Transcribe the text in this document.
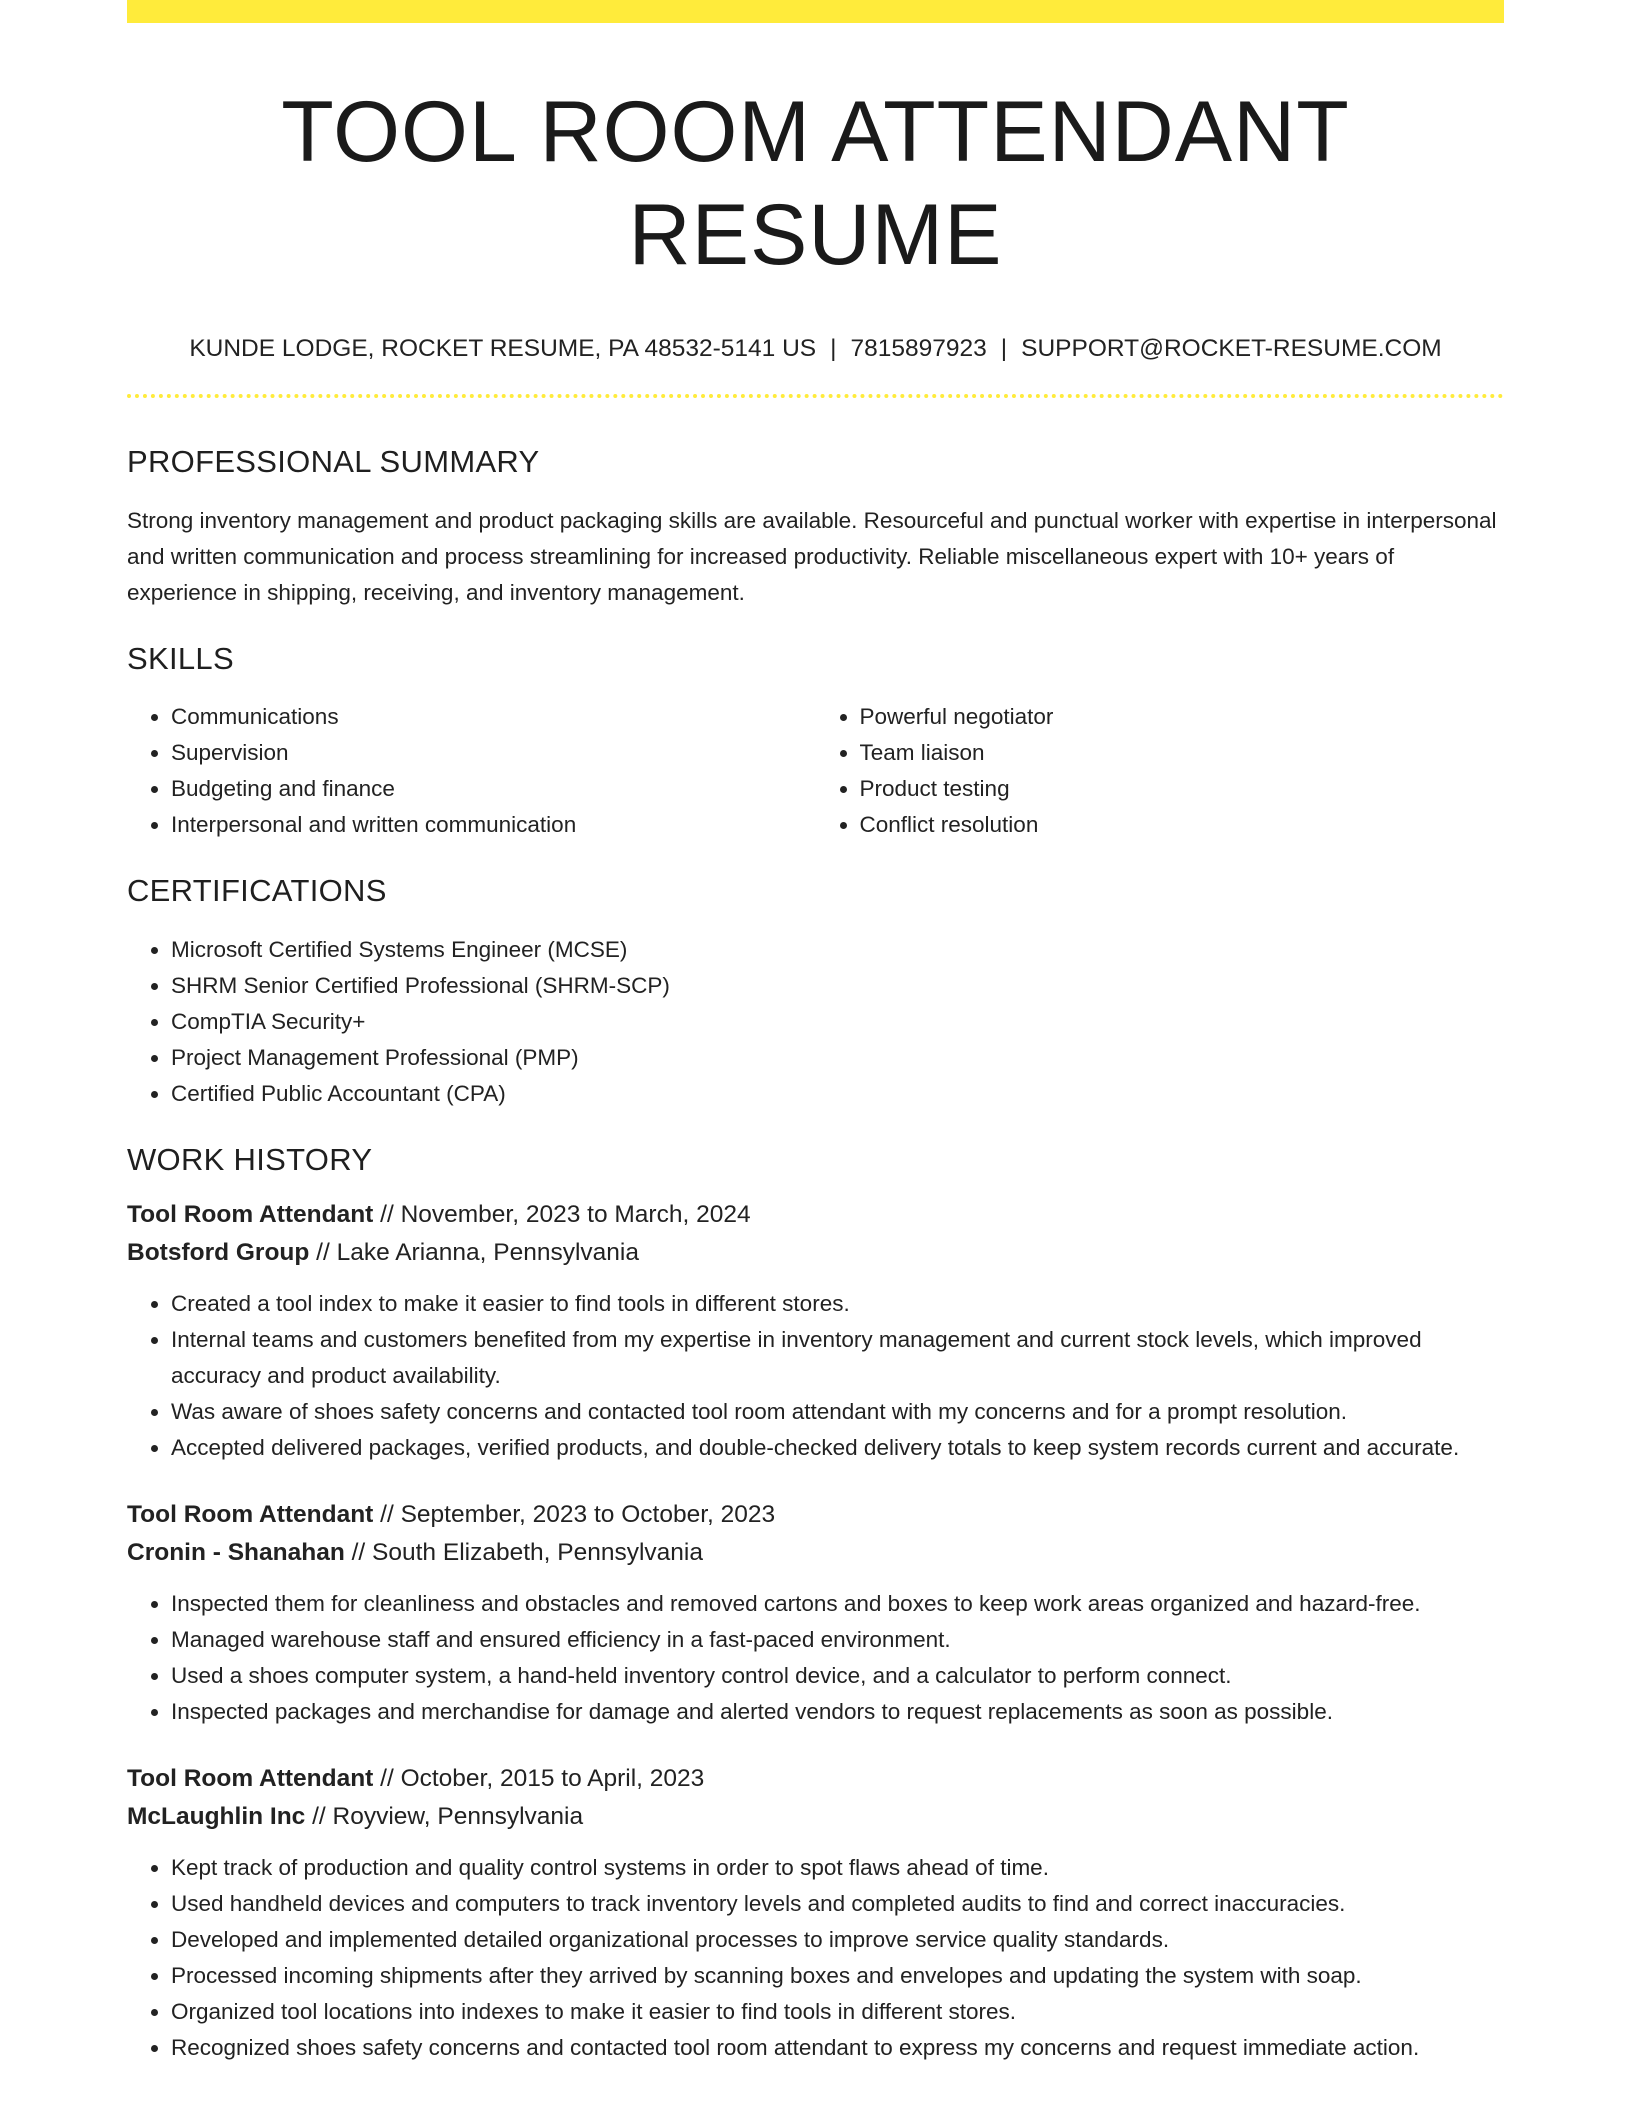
TOOL ROOM ATTENDANT RESUME
KUNDE LODGE, ROCKET RESUME, PA 48532-5141 US | 7815897923 | SUPPORT@ROCKET-RESUME.COM
PROFESSIONAL SUMMARY
Strong inventory management and product packaging skills are available. Resourceful and punctual worker with expertise in interpersonal and written communication and process streamlining for increased productivity. Reliable miscellaneous expert with 10+ years of experience in shipping, receiving, and inventory management.
SKILLS
• Communications
• Supervision
• Budgeting and finance
• Interpersonal and written communication
• Powerful negotiator
• Team liaison
• Product testing
• Conflict resolution
CERTIFICATIONS
• Microsoft Certified Systems Engineer (MCSE)
• SHRM Senior Certified Professional (SHRM-SCP)
• CompTIA Security+
• Project Management Professional (PMP)
• Certified Public Accountant (CPA)
WORK HISTORY
Tool Room Attendant // November, 2023 to March, 2024
Botsford Group // Lake Arianna, Pennsylvania
• Created a tool index to make it easier to find tools in different stores.
• Internal teams and customers benefited from my expertise in inventory management and current stock levels, which improved accuracy and product availability.
• Was aware of shoes safety concerns and contacted tool room attendant with my concerns and for a prompt resolution.
• Accepted delivered packages, verified products, and double-checked delivery totals to keep system records current and accurate.
Tool Room Attendant // September, 2023 to October, 2023
Cronin - Shanahan // South Elizabeth, Pennsylvania
• Inspected them for cleanliness and obstacles and removed cartons and boxes to keep work areas organized and hazard-free.
• Managed warehouse staff and ensured efficiency in a fast-paced environment.
• Used a shoes computer system, a hand-held inventory control device, and a calculator to perform connect.
• Inspected packages and merchandise for damage and alerted vendors to request replacements as soon as possible.
Tool Room Attendant // October, 2015 to April, 2023
McLaughlin Inc // Royview, Pennsylvania
• Kept track of production and quality control systems in order to spot flaws ahead of time.
• Used handheld devices and computers to track inventory levels and completed audits to find and correct inaccuracies.
• Developed and implemented detailed organizational processes to improve service quality standards.
• Processed incoming shipments after they arrived by scanning boxes and envelopes and updating the system with soap.
• Organized tool locations into indexes to make it easier to find tools in different stores.
• Recognized shoes safety concerns and contacted tool room attendant to express my concerns and request immediate action.
